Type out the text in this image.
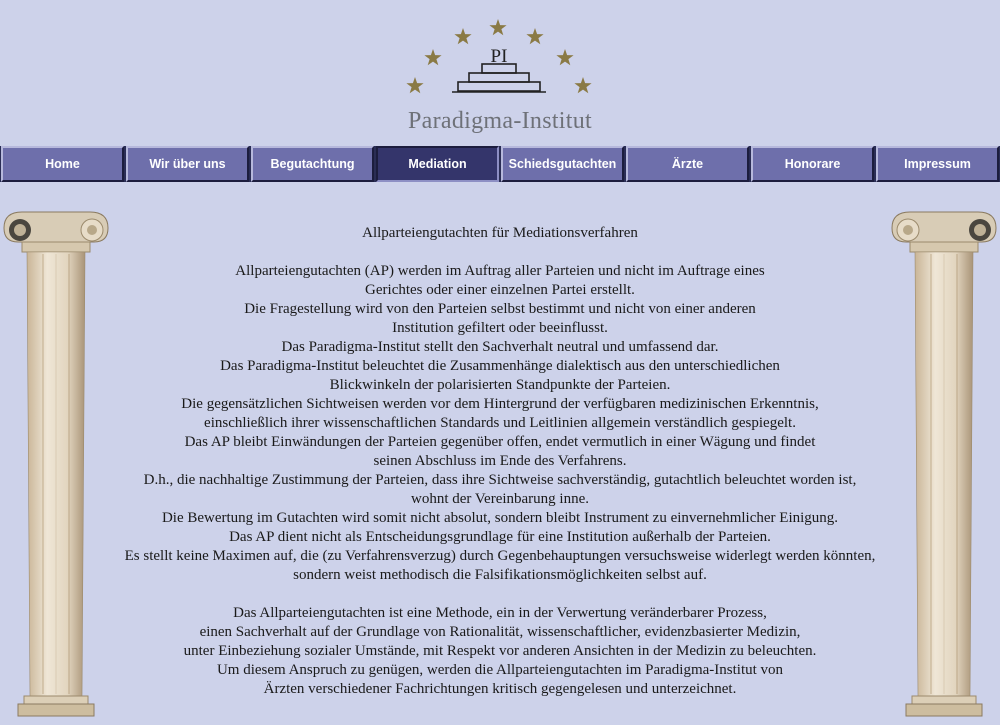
PI
Paradigma-Institut
Home	Wir über uns	Begutachtung	Mediation	Schiedsgutachten	Ärzte	Honorare	Impressum
Allparteiengutachten für Mediationsverfahren

Allparteiengutachten (AP) werden im Auftrag aller Parteien und nicht im Auftrage eines
Gerichtes oder einer einzelnen Partei erstellt.
Die Fragestellung wird von den Parteien selbst bestimmt und nicht von einer anderen
Institution gefiltert oder beeinflusst.
Das Paradigma-Institut stellt den Sachverhalt neutral und umfassend dar.
Das Paradigma-Institut beleuchtet die Zusammenhänge dialektisch aus den unterschiedlichen
Blickwinkeln der polarisierten Standpunkte der Parteien.
Die gegensätzlichen Sichtweisen werden vor dem Hintergrund der verfügbaren medizinischen Erkenntnis,
einschließlich ihrer wissenschaftlichen Standards und Leitlinien allgemein verständlich gespiegelt.
Das AP bleibt Einwändungen der Parteien gegenüber offen, endet vermutlich in einer Wägung und findet
seinen Abschluss im Ende des Verfahrens.
D.h., die nachhaltige Zustimmung der Parteien, dass ihre Sichtweise sachverständig, gutachtlich beleuchtet worden ist,
wohnt der Vereinbarung inne.
Die Bewertung im Gutachten wird somit nicht absolut, sondern bleibt Instrument zu einvernehmlicher Einigung.
Das AP dient nicht als Entscheidungsgrundlage für eine Institution außerhalb der Parteien.
Es stellt keine Maximen auf, die (zu Verfahrensverzug) durch Gegenbehauptungen versuchsweise widerlegt werden könnten,
sondern weist methodisch die Falsifikationsmöglichkeiten selbst auf.

Das Allparteiengutachten ist eine Methode, ein in der Verwertung veränderbarer Prozess,
einen Sachverhalt auf der Grundlage von Rationalität, wissenschaftlicher, evidenzbasierter Medizin,
unter Einbeziehung sozialer Umstände, mit Respekt vor anderen Ansichten in der Medizin zu beleuchten.
Um diesem Anspruch zu genügen, werden die Allparteiengutachten im Paradigma-Institut von
Ärzten verschiedener Fachrichtungen kritisch gegengelesen und unterzeichnet.
